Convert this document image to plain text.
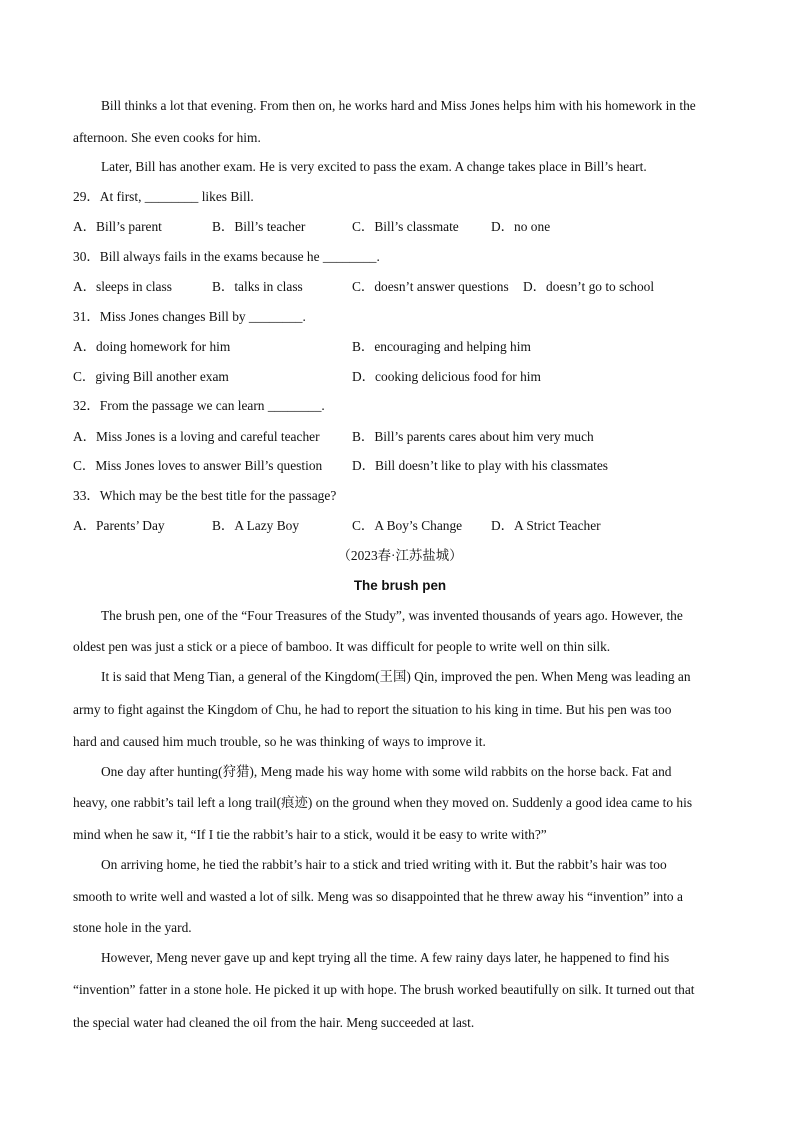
Bill thinks a lot that evening. From then on, he works hard and Miss Jones helps him with his homework in the
afternoon. She even cooks for him.
Later, Bill has another exam. He is very excited to pass the exam. A change takes place in Bill’s heart.
29．At first, ________ likes Bill.
A．Bill’s parent	B．Bill’s teacher	C．Bill’s classmate D．no one
30．Bill always fails in the exams because he ________.
A．sleeps in class	B．talks in class	C．doesn’t answer questions D．doesn’t go to school
31．Miss Jones changes Bill by ________.
A．doing homework for him	B．encouraging and helping him
C．giving Bill another exam	D．cooking delicious food for him
32．From the passage we can learn ________.
A．Miss Jones is a loving and careful teacher B．Bill’s parents cares about him very much
C．Miss Jones loves to answer Bill’s question D．Bill doesn’t like to play with his classmates
33．Which may be the best title for the passage?
A．Parents’ Day	B．A Lazy Boy	C．A Boy’s Change D．A Strict Teacher
（2023春·江苏盐城）
The brush pen
The brush pen, one of the “Four Treasures of the Study”, was invented thousands of years ago. However, the
oldest pen was just a stick or a piece of bamboo. It was difficult for people to write well on thin silk.
It is said that Meng Tian, a general of the Kingdom(王国) Qin, improved the pen. When Meng was leading an
army to fight against the Kingdom of Chu, he had to report the situation to his king in time. But his pen was too
hard and caused him much trouble, so he was thinking of ways to improve it.
One day after hunting(狩猎), Meng made his way home with some wild rabbits on the horse back. Fat and
heavy, one rabbit’s tail left a long trail(痕迹) on the ground when they moved on. Suddenly a good idea came to his
mind when he saw it, “If I tie the rabbit’s hair to a stick, would it be easy to write with?”
On arriving home, he tied the rabbit’s hair to a stick and tried writing with it. But the rabbit’s hair was too
smooth to write well and wasted a lot of silk. Meng was so disappointed that he threw away his “invention” into a
stone hole in the yard.
However, Meng never gave up and kept trying all the time. A few rainy days later, he happened to find his
“invention” fatter in a stone hole. He picked it up with hope. The brush worked beautifully on silk. It turned out that
the special water had cleaned the oil from the hair. Meng succeeded at last.
